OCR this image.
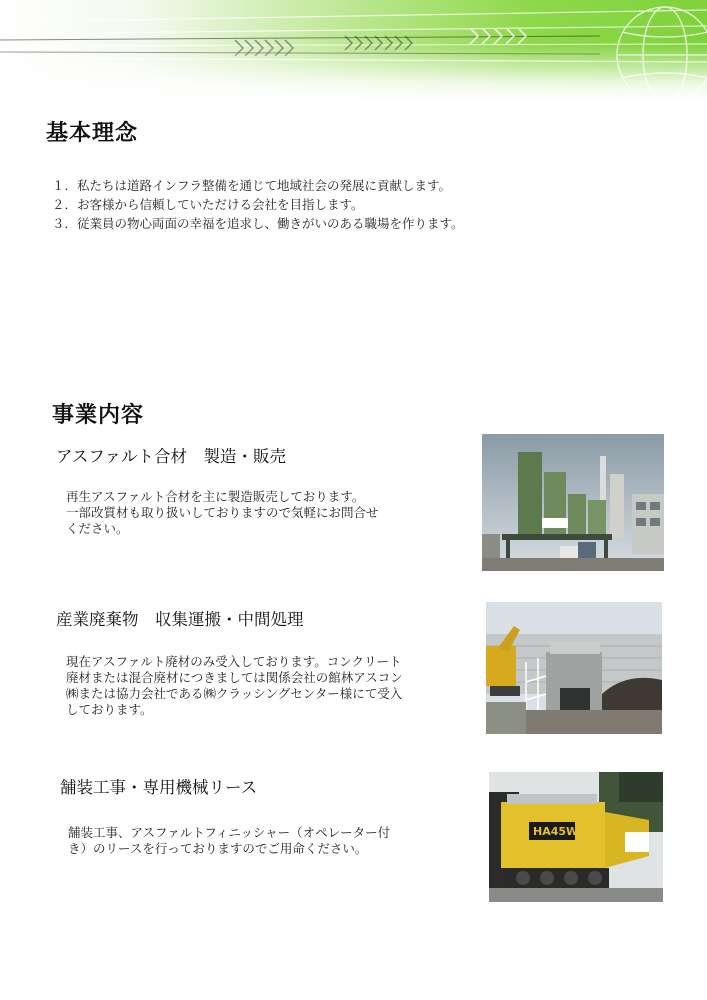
基本理念
１．私たちは道路インフラ整備を通じて地域社会の発展に貢献します。
２．お客様から信頼していただける会社を目指します。
３．従業員の物心両面の幸福を追求し、働きがいのある職場を作ります。
事業内容
アスファルト合材　製造・販売

再生アスファルト合材を主に製造販売しております。
一部改質材も取り扱いしておりますので気軽にお問合せ
ください。

産業廃棄物　収集運搬・中間処理

現在アスファルト廃材のみ受入しております。コンクリート
廃材または混合廃材につきましては関係会社の館林アスコン
㈱または協力会社である㈱クラッシングセンター様にて受入
しております。

舗装工事・専用機械リース

舗装工事、アスファルトフィニッシャー（オペレーター付
き）のリースを行っておりますのでご用命ください。

HA45W
